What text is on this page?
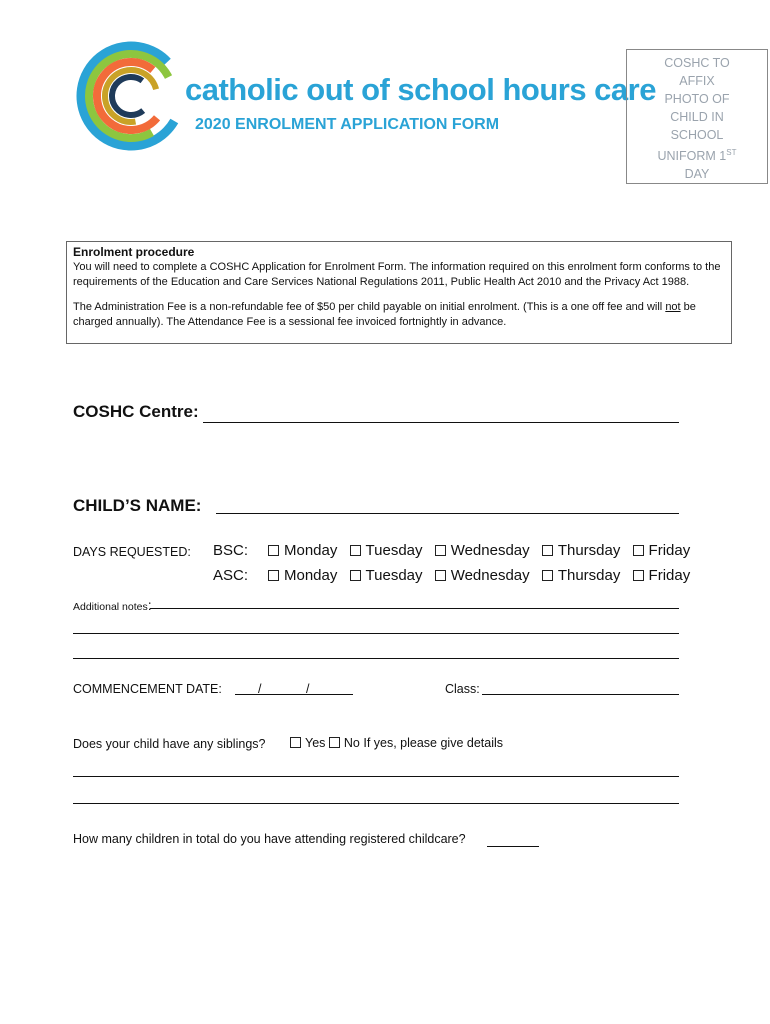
catholic out of school hours care
2020 ENROLMENT APPLICATION FORM
COSHC TO
AFFIX
PHOTO OF
CHILD IN
SCHOOL
UNIFORM 1ST
DAY
Enrolment procedure

You will need to complete a COSHC Application for Enrolment Form. The information required on this enrolment form conforms to the requirements of the Education and Care Services National Regulations 2011, Public Health Act 2010 and the Privacy Act 1988.

The Administration Fee is a non-refundable fee of $50 per child payable on initial enrolment. (This is a one off fee and will not be charged annually). The Attendance Fee is a sessional fee invoiced fortnightly in advance.

COSHC Centre:
CHILD’S NAME:
DAYS REQUESTED: BSC:	Monday Tuesday Wednesday Thursday Friday
ASC:	Monday Tuesday Wednesday Thursday Friday
Additional notes:
COMMENCEMENT DATE:	/	/	Class:
Does your child have any siblings?	Yes No If yes, please give details
How many children in total do you have attending registered childcare?
